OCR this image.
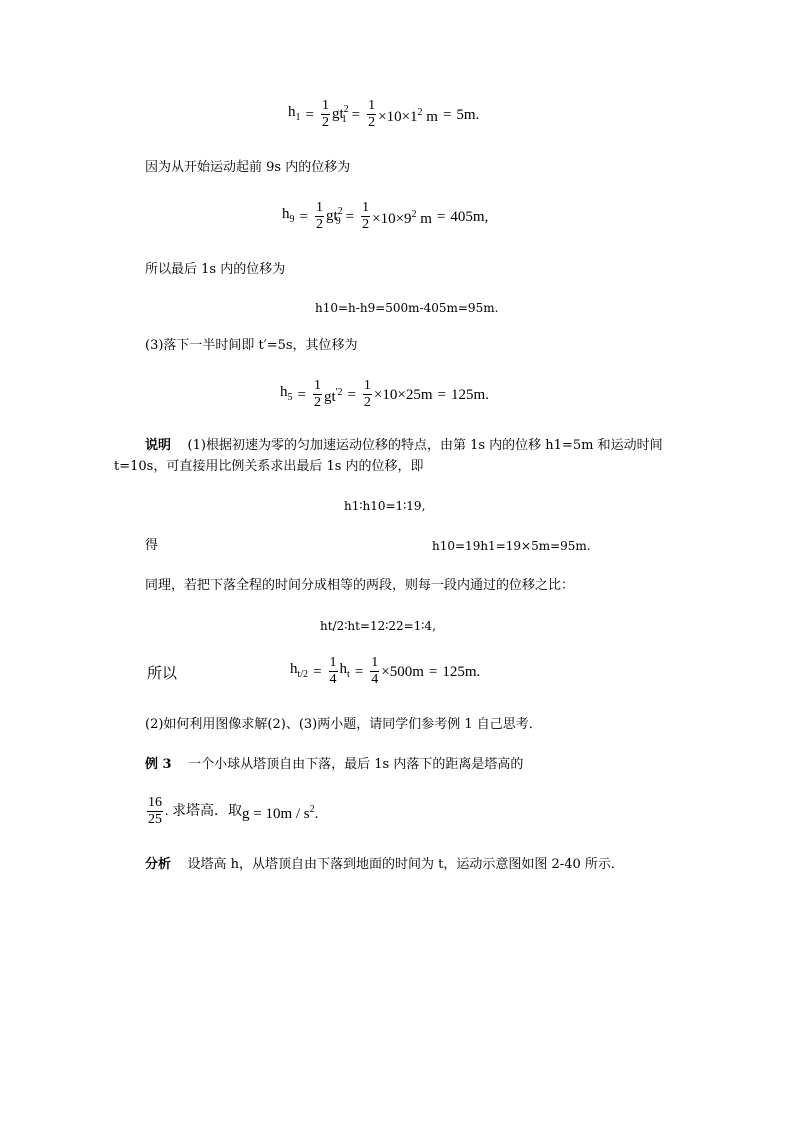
$h_1 = \frac{1}{2} gt^2_1 = \frac{1}{2} \times 10\times 1^2$ m = 5m.
因为从开始运动起前 9s 内的位移为
$h_9 = \frac{1}{2} gt^2_9 = \frac{1}{2} \times 10\times 9^2$ m = 405m,
所以最后 1s 内的位移为
h10=h-h9=500m-405m=95m.
(3)落下一半时间即 t′=5s，其位移为
$h_5 = \frac{1}{2} gt^{'2} = \frac{1}{2} \times 10\times 25m = 125m$.
说明 (1)根据初速为零的匀加速运动位移的特点，由第 1s 内的位移 h1=5m 和运动时间
t=10s，可直接用比例关系求出最后 1s 内的位移，即
h1∶h10=1∶19,
得	h10=19h1=19×5m=95m.
同理，若把下落全程的时间分成相等的两段，则每一段内通过的位移之比：
ht/2∶ht=12∶22=1∶4,
所以	$h_{t/2} = \frac{1}{4} h_t = \frac{1}{4} \times 500m = 125m$.
(2)如何利用图像求解(2)、(3)两小题，请同学们参考例 1 自己思考．
例 3 一个小球从塔顶自由下落，最后 1s 内落下的距离是塔高的
$\frac{16}{25}$ . 求塔高．取 $g = 10m / s^2$.
分析 设塔高 h，从塔顶自由下落到地面的时间为 t，运动示意图如图 2-40 所示．
